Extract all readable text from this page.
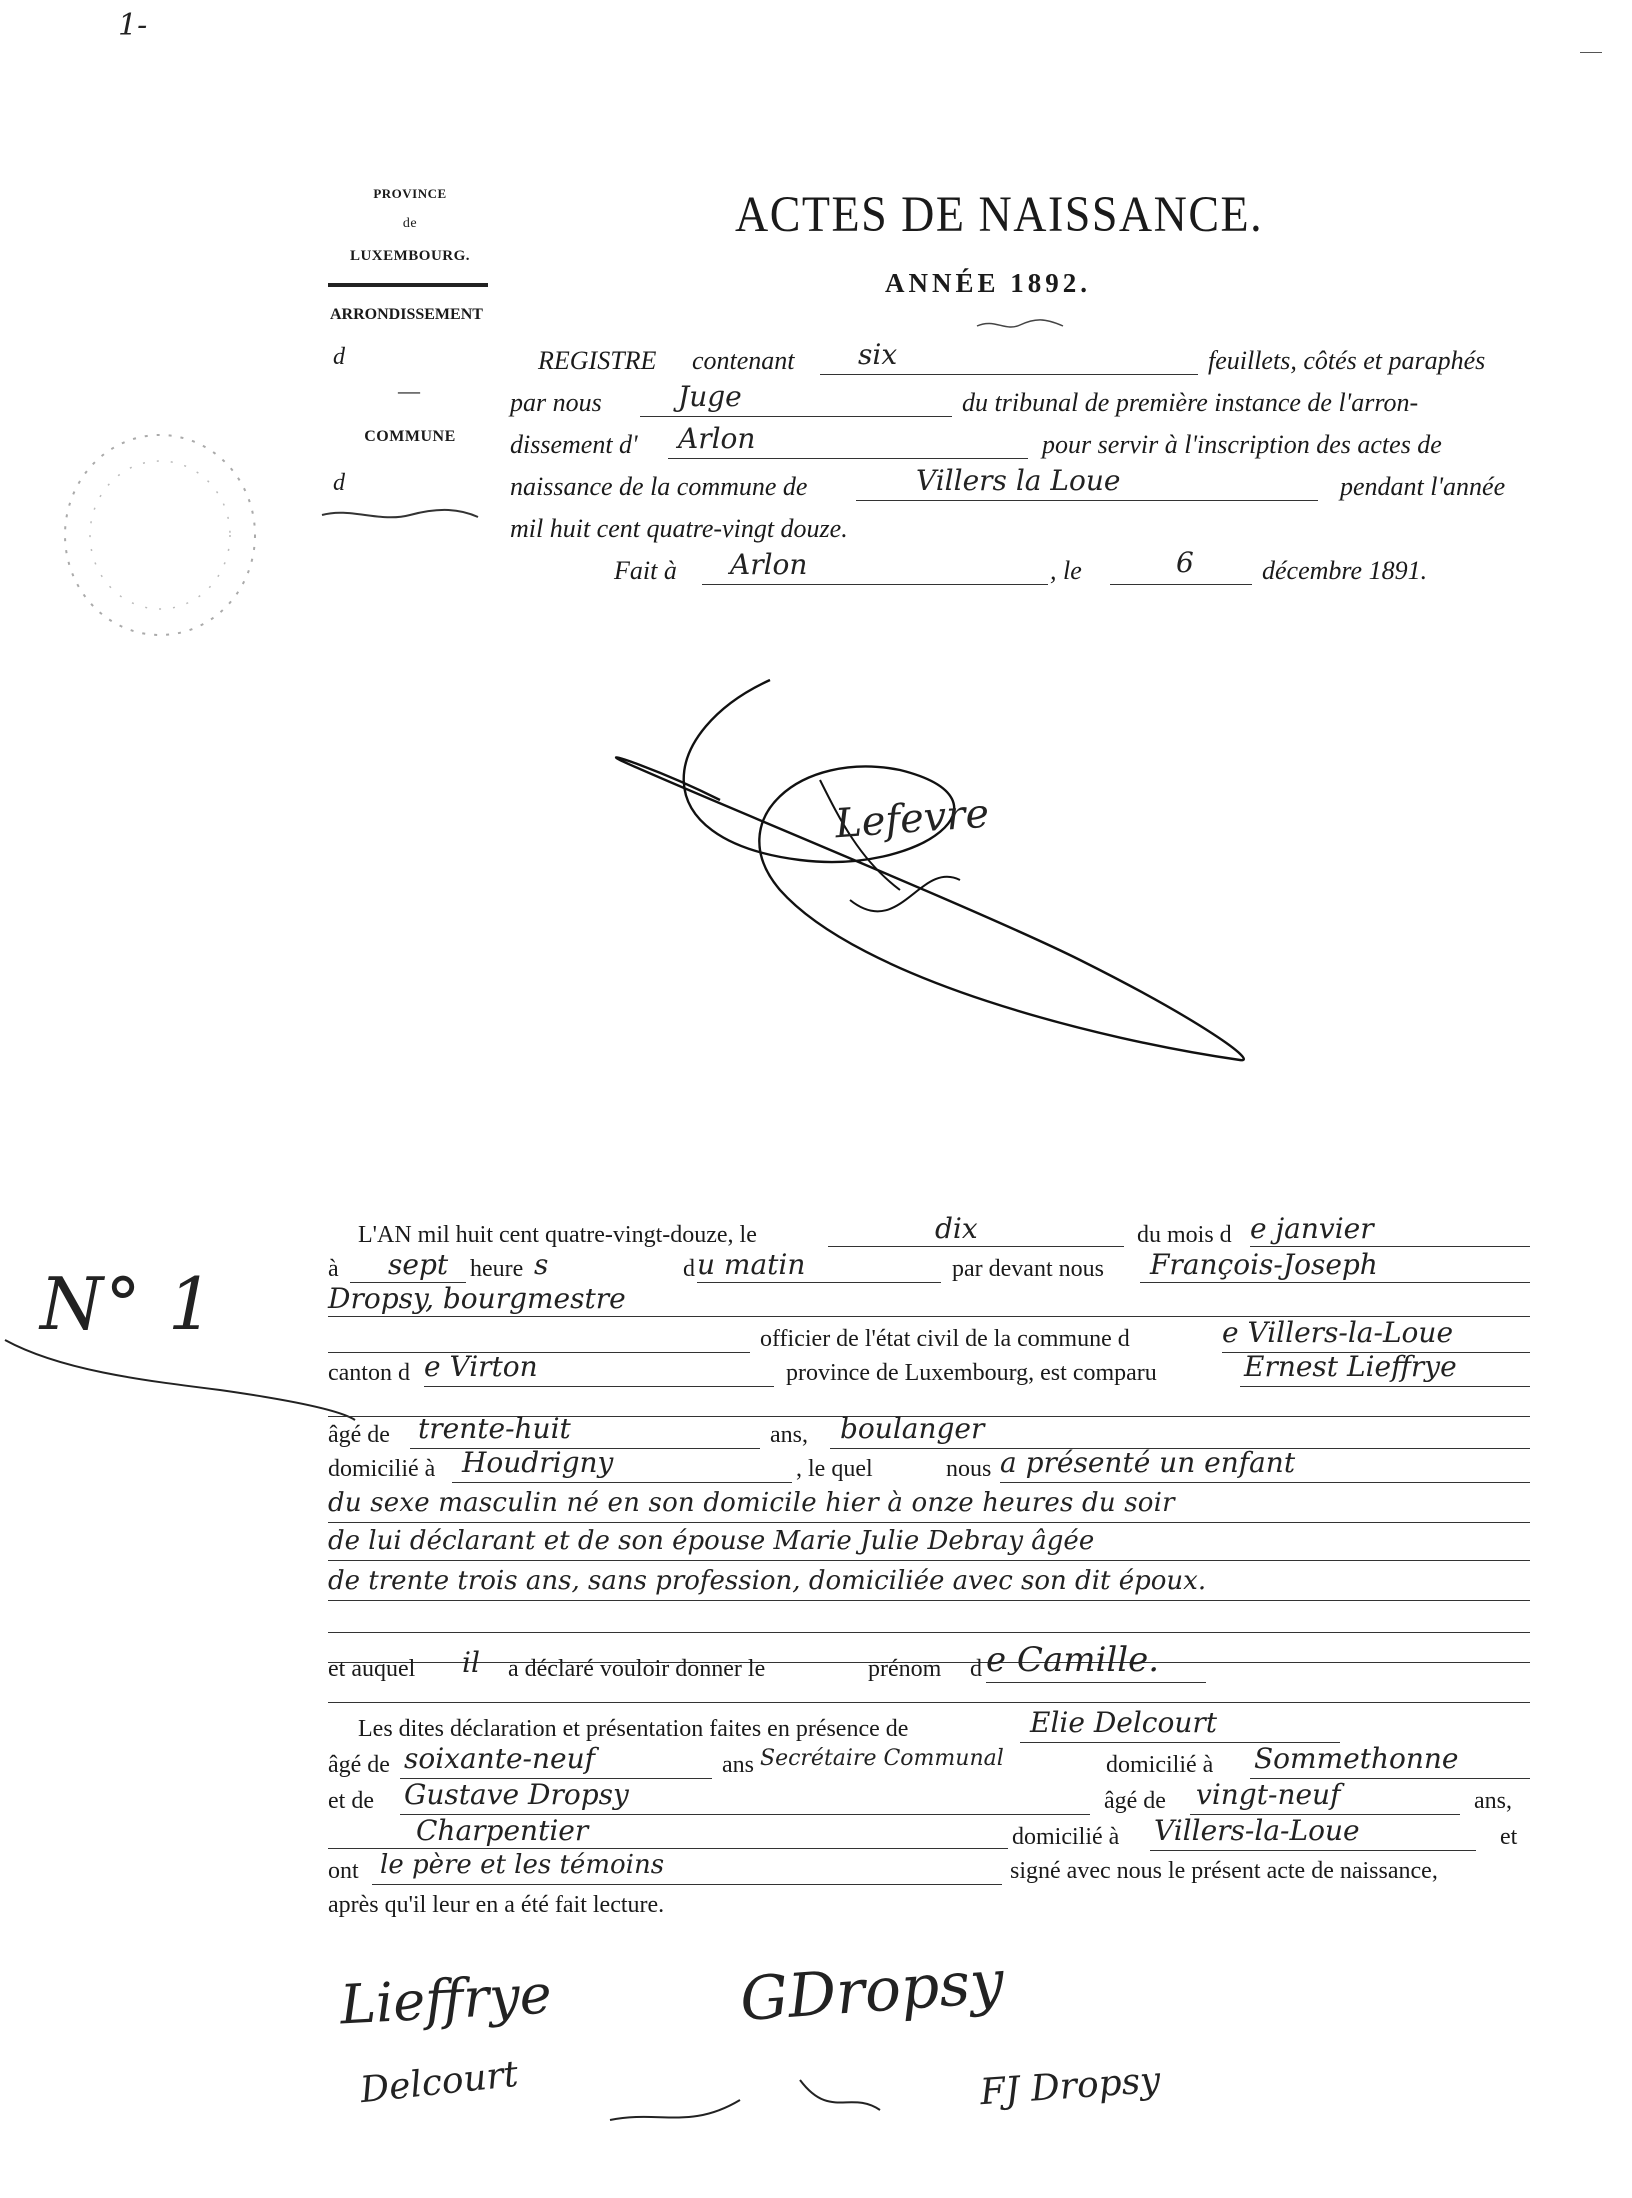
1-
PROVINCE
de
LUXEMBOURG.
ARRONDISSEMENT
d
—
COMMUNE
d
ACTES DE NAISSANCE.
ANNÉE 1892.
REGISTRE contenant six	feuillets, côtés et paraphés
par nous	Juge	du tribunal de première instance de l'arron-
dissement d' Arlon	pour servir à l'inscription des actes de
naissance de la commune de	Villers la Loue	pendant l'année
mil huit cent quatre-vingt douze.
Fait à Arlon	, le	6	décembre 1891.
Lefevre
N° 1
L'AN mil huit cent quatre-vingt-douze, le	dix	du mois d e janvier
à sept heure s	d u matin	par devant nous François-Joseph
Dropsy, bourgmestre
officier de l'état civil de la commune d	e Villers-la-Loue
canton d e Virton	province de Luxembourg, est comparu	Ernest Lieffrye
âgé de trente-huit	ans, boulanger
domicilié à Houdrigny	, le quel	nous a présenté un enfant
du sexe masculin né en son domicile hier à onze heures du soir
de lui déclarant et de son épouse Marie Julie Debray âgée
de trente trois ans, sans profession, domiciliée avec son dit époux.
et auquel il a déclaré vouloir donner le	prénom d e Camille.
Les dites déclaration et présentation faites en présence de	Elie Delcourt
âgé de soixante-neuf	ans Secrétaire Communal	domicilié à Sommethonne
et de Gustave Dropsy	âgé de vingt-neuf	ans,
Charpentier	domicilié à Villers-la-Loue	et
ont le père et les témoins	signé avec nous le présent acte de naissance,
après qu'il leur en a été fait lecture.
Lieffrye
Delcourt
GDropsy
FJ Dropsy
